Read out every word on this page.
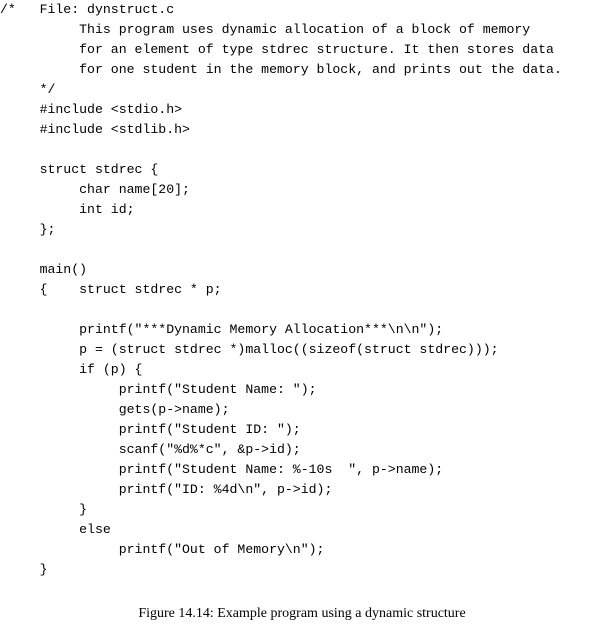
/*   File: dynstruct.c
This program uses dynamic allocation of a block of memory
for an element of type stdrec structure. It then stores data
for one student in the memory block, and prints out the data.
*/
#include <stdio.h>
#include <stdlib.h>
struct stdrec {
char name[20];
int id;
};
main()
{    struct stdrec * p;
printf("***Dynamic Memory Allocation***\n\n");
p = (struct stdrec *)malloc((sizeof(struct stdrec)));
if (p) {
printf("Student Name: ");
gets(p->name);
printf("Student ID: ");
scanf("%d%*c", &p->id);
printf("Student Name: %-10s  ", p->name);
printf("ID: %4d\n", p->id);
}
else
printf("Out of Memory\n");
}
Figure 14.14: Example program using a dynamic structure
